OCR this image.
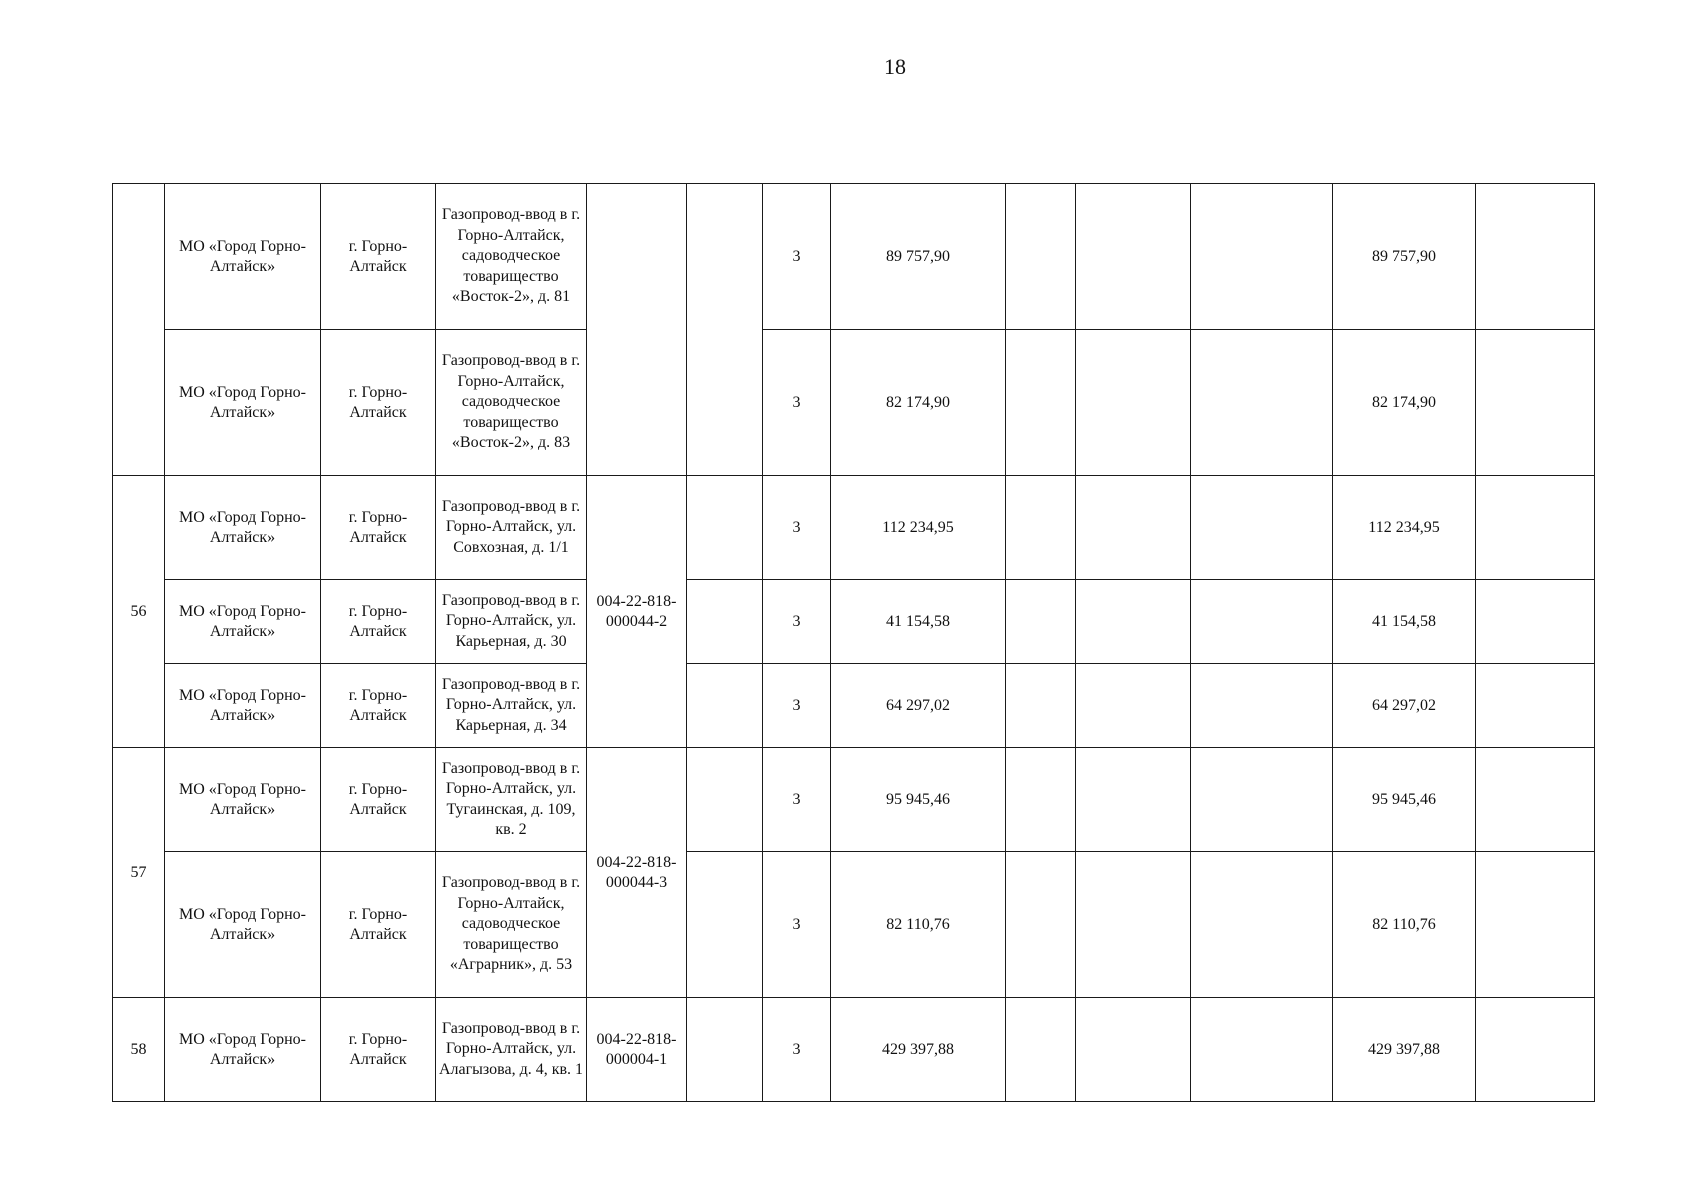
18
	МО «Город Горно-Алтайск»	г. Горно-Алтайск	Газопровод-ввод в г. Горно-Алтайск, садоводческое товарищество «Восток-2», д. 81			3	89 757,90				89 757,90	
	МО «Город Горно-Алтайск»	г. Горно-Алтайск	Газопровод-ввод в г. Горно-Алтайск, садоводческое товарищество «Восток-2», д. 83			3	82 174,90				82 174,90	
56	МО «Город Горно-Алтайск»	г. Горно-Алтайск	Газопровод-ввод в г. Горно-Алтайск, ул. Совхозная, д. 1/1	004-22-818-000044-2		3	112 234,95				112 234,95	
	МО «Город Горно-Алтайск»	г. Горно-Алтайск	Газопровод-ввод в г. Горно-Алтайск, ул. Карьерная, д. 30			3	41 154,58				41 154,58	
	МО «Город Горно-Алтайск»	г. Горно-Алтайск	Газопровод-ввод в г. Горно-Алтайск, ул. Карьерная, д. 34			3	64 297,02				64 297,02	
57	МО «Город Горно-Алтайск»	г. Горно-Алтайск	Газопровод-ввод в г. Горно-Алтайск, ул. Тугаинская, д. 109, кв. 2	004-22-818-000044-3		3	95 945,46				95 945,46	
	МО «Город Горно-Алтайск»	г. Горно-Алтайск	Газопровод-ввод в г. Горно-Алтайск, садоводческое товарищество «Аграрник», д. 53			3	82 110,76				82 110,76	
58	МО «Город Горно-Алтайск»	г. Горно-Алтайск	Газопровод-ввод в г. Горно-Алтайск, ул. Алагызова, д. 4, кв. 1	004-22-818-000004-1		3	429 397,88				429 397,88	
